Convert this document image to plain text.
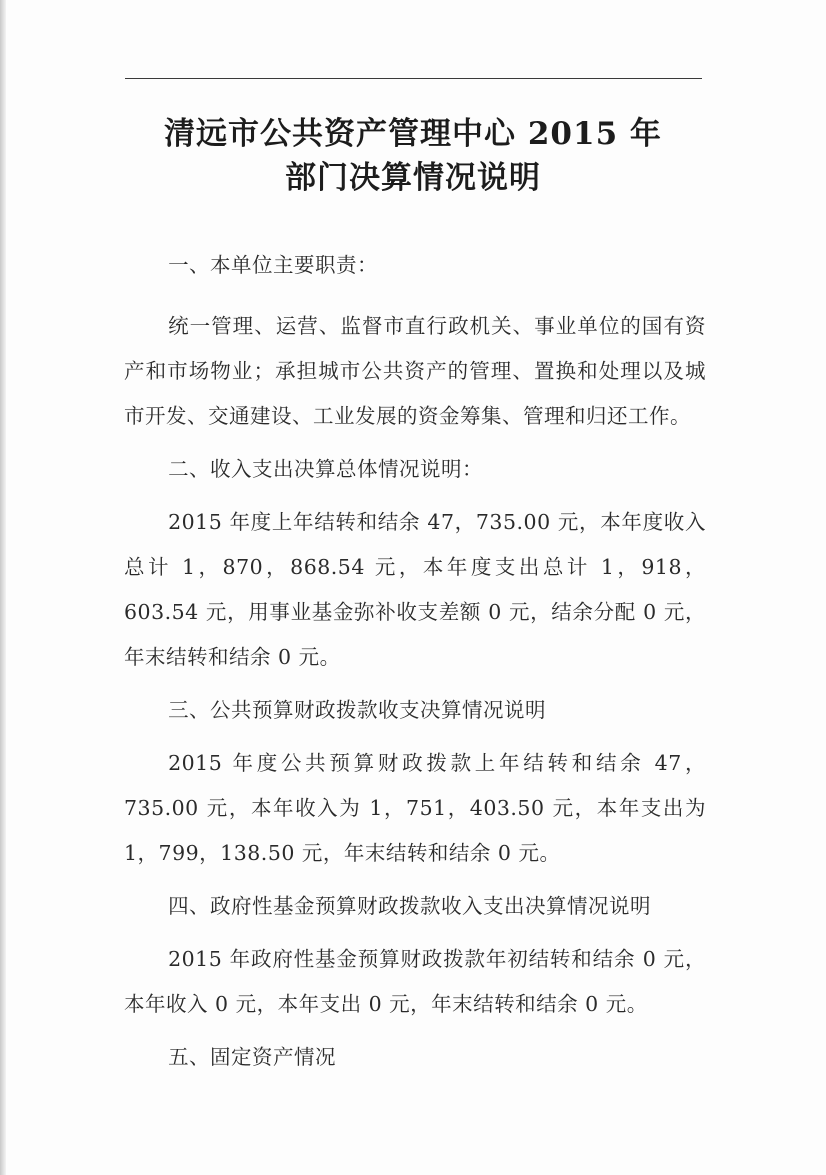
清远市公共资产管理中心 2015 年
部门决算情况说明

一、本单位主要职责：

统一管理、运营、监督市直行政机关、事业单位的国有资产和市场物业；承担城市公共资产的管理、置换和处理以及城市开发、交通建设、工业发展的资金筹集、管理和归还工作。

二、收入支出决算总体情况说明：

2015 年度上年结转和结余 47，735.00 元，本年度收入总计 1，870，868.54 元，本年度支出总计 1，918，603.54 元，用事业基金弥补收支差额 0 元，结余分配 0 元，年末结转和结余 0 元。

三、公共预算财政拨款收支决算情况说明

2015 年度公共预算财政拨款上年结转和结余 47，735.00 元，本年收入为 1，751，403.50 元，本年支出为 1，799，138.50 元，年末结转和结余 0 元。

四、政府性基金预算财政拨款收入支出决算情况说明

2015 年政府性基金预算财政拨款年初结转和结余 0 元，本年收入 0 元，本年支出 0 元，年末结转和结余 0 元。

五、固定资产情况
